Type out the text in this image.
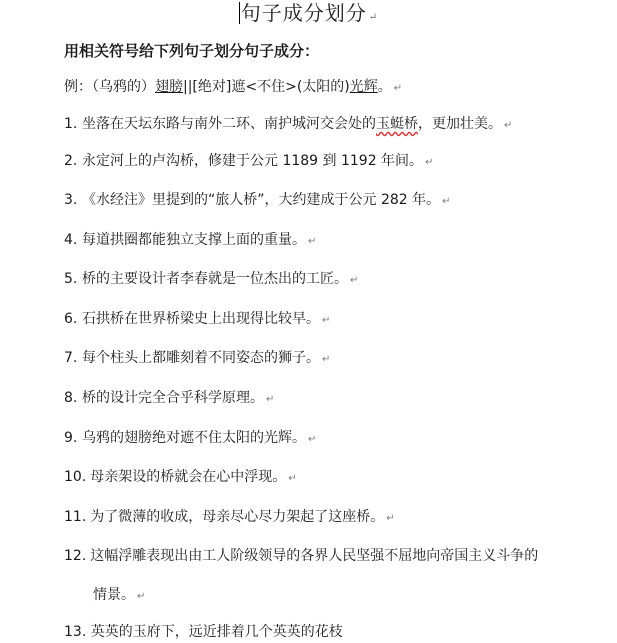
句子成分划分 ↵
用相关符号给下列句子划分句子成分：
例：（乌鸦的）翅膀||[绝对]遮<不住>(太阳的)光辉。 ↵
1. 坐落在天坛东路与南外二环、南护城河交会处的玉蜓桥，更加壮美。 ↵
2. 永定河上的卢沟桥，修建于公元 1189 到 1192 年间。 ↵
3. 《水经注》里提到的“旅人桥”，大约建成于公元 282 年。 ↵
4. 每道拱圈都能独立支撑上面的重量。 ↵
5. 桥的主要设计者李春就是一位杰出的工匠。 ↵
6. 石拱桥在世界桥梁史上出现得比较早。 ↵
7. 每个柱头上都雕刻着不同姿态的狮子。 ↵
8. 桥的设计完全合乎科学原理。 ↵
9. 乌鸦的翅膀绝对遮不住太阳的光辉。 ↵
10. 母亲架设的桥就会在心中浮现。 ↵
11. 为了微薄的收成，母亲尽心尽力架起了这座桥。 ↵
12. 这幅浮雕表现出由工人阶级领导的各界人民坚强不屈地向帝国主义斗争的
情景。 ↵
13. 英英的玉府下，远近排着几个英英的花枝
